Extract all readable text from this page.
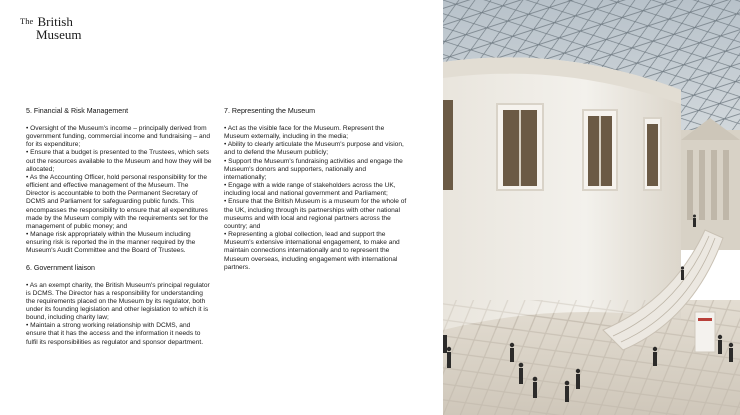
The British
Museum
5. Financial & Risk Management

• Oversight of the Museum's income – principally derived from government funding, commercial income and fundraising – and for its expenditure;

• Ensure that a budget is presented to the Trustees, which sets out the resources available to the Museum and how they will be allocated;

• As the Accounting Officer, hold personal responsibility for the efficient and effective management of the Museum. The Director is accountable to both the Permanent Secretary of DCMS and Parliament for safeguarding public funds. This encompasses the responsibility to ensure that all expenditures made by the Museum comply with the requirements set for the management of public money; and

• Manage risk appropriately within the Museum including ensuring risk is reported the in the manner required by the Museum's Audit Committee and the Board of Trustees.

6. Government liaison

• As an exempt charity, the British Museum's principal regulator is DCMS. The Director has a responsibility for understanding the requirements placed on the Museum by its regulator, both under its founding legislation and other legislation to which it is bound, including charity law;

• Maintain a strong working relationship with DCMS, and ensure that it has the access and the information it needs to fulfil its responsibilities as regulator and sponsor department.

7. Representing the Museum

• Act as the visible face for the Museum. Represent the Museum externally, including in the media;

• Ability to clearly articulate the Museum's purpose and vision, and to defend the Museum publicly;

• Support the Museum's fundraising activities and engage the Museum's donors and supporters, nationally and internationally;

• Engage with a wide range of stakeholders across the UK, including local and national government and Parliament;

• Ensure that the British Museum is a museum for the whole of the UK, including through its partnerships with other national museums and with local and regional partners across the country; and

• Representing a global collection, lead and support the Museum's extensive international engagement, to make and maintain connections internationally and to represent the Museum overseas, including engagement with international partners.
